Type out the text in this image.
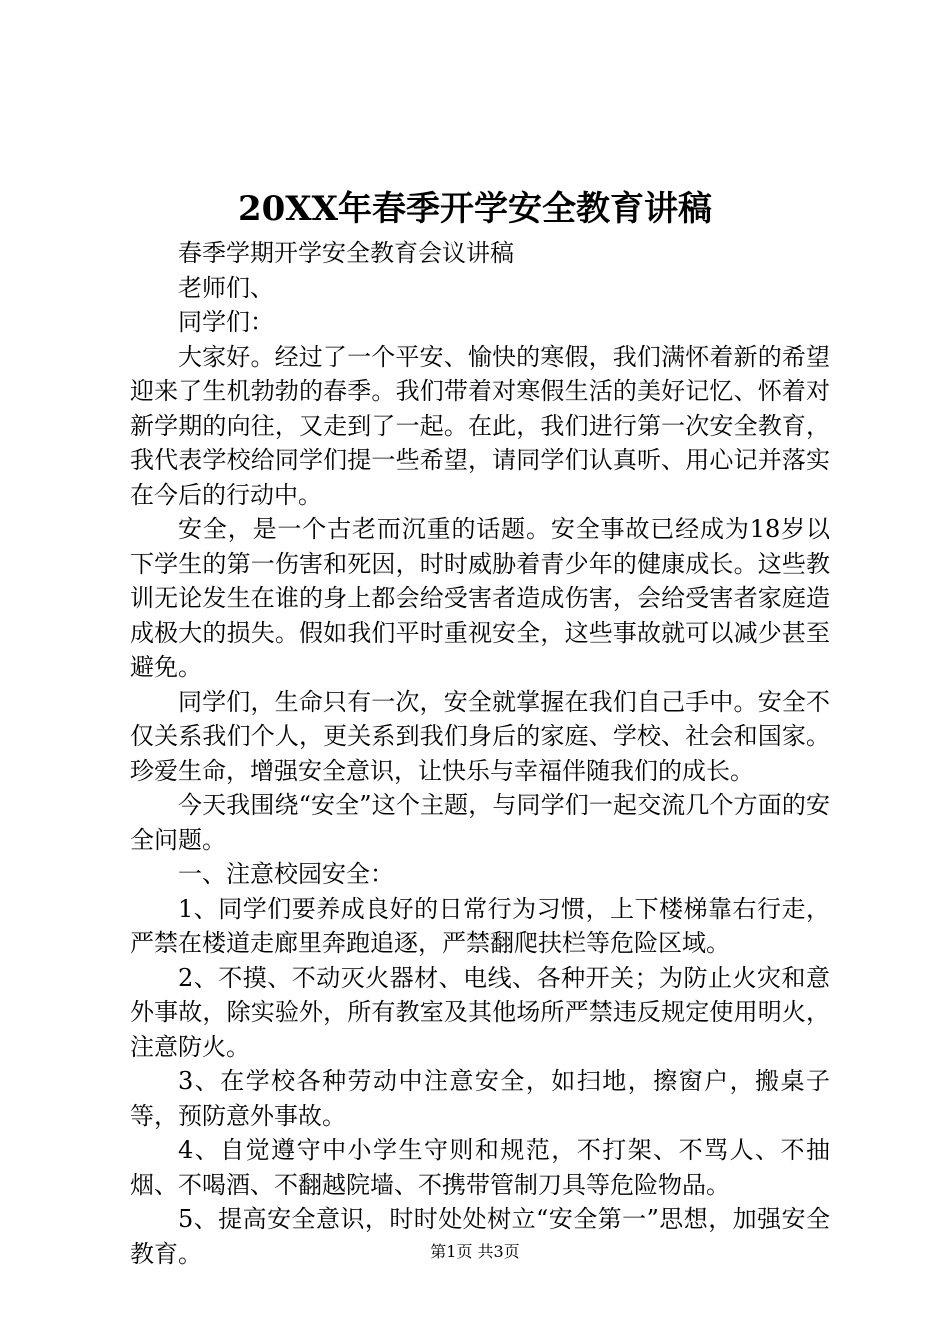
20XX年春季开学安全教育讲稿

春季学期开学安全教育会议讲稿

老师们、

同学们：

大家好。经过了一个平安、愉快的寒假，我们满怀着新的希望迎来了生机勃勃的春季。我们带着对寒假生活的美好记忆、怀着对新学期的向往，又走到了一起。在此，我们进行第一次安全教育，我代表学校给同学们提一些希望，请同学们认真听、用心记并落实在今后的行动中。

安全，是一个古老而沉重的话题。安全事故已经成为18岁以下学生的第一伤害和死因，时时威胁着青少年的健康成长。这些教训无论发生在谁的身上都会给受害者造成伤害，会给受害者家庭造成极大的损失。假如我们平时重视安全，这些事故就可以减少甚至避免。

同学们，生命只有一次，安全就掌握在我们自己手中。安全不仅关系我们个人，更关系到我们身后的家庭、学校、社会和国家。珍爱生命，增强安全意识，让快乐与幸福伴随我们的成长。

今天我围绕“安全”这个主题，与同学们一起交流几个方面的安全问题。

一、注意校园安全：

1、同学们要养成良好的日常行为习惯，上下楼梯靠右行走，严禁在楼道走廊里奔跑追逐，严禁翻爬扶栏等危险区域。

2、不摸、不动灭火器材、电线、各种开关；为防止火灾和意外事故，除实验外，所有教室及其他场所严禁违反规定使用明火，注意防火。

3、在学校各种劳动中注意安全，如扫地，擦窗户，搬桌子等，预防意外事故。

4、自觉遵守中小学生守则和规范，不打架、不骂人、不抽烟、不喝酒、不翻越院墙、不携带管制刀具等危险物品。

5、提高安全意识，时时处处树立“安全第一”思想，加强安全教育。	第1页 共3页
